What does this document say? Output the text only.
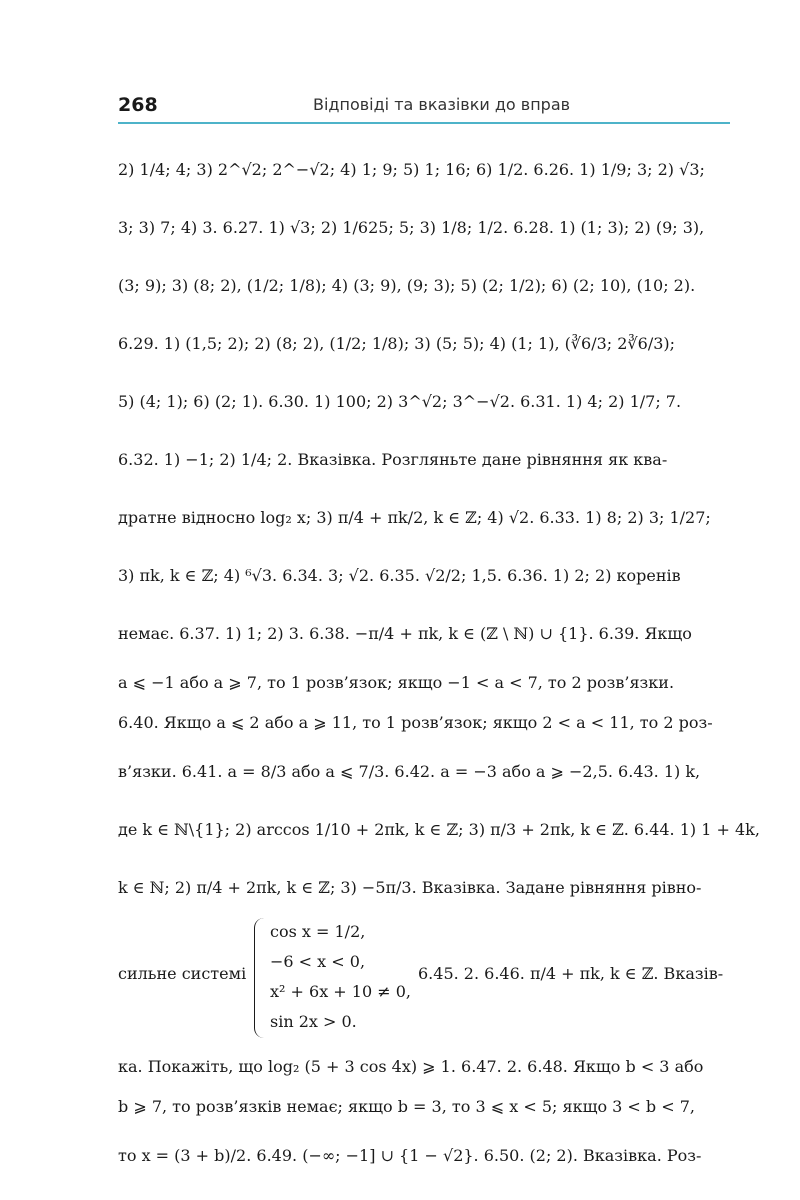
268	Відповіді та вказівки до вправ
2) 1/4; 4; 3) 2^√2; 2^−√2; 4) 1; 9; 5) 1; 16; 6) 1/2. 6.26. 1) 1/9; 3; 2) √3;
3; 3) 7; 4) 3. 6.27. 1) √3; 2) 1/625; 5; 3) 1/8; 1/2. 6.28. 1) (1; 3); 2) (9; 3),
(3; 9); 3) (8; 2), (1/2; 1/8); 4) (3; 9), (9; 3); 5) (2; 1/2); 6) (2; 10), (10; 2).
6.29. 1) (1,5; 2); 2) (8; 2), (1/2; 1/8); 3) (5; 5); 4) (1; 1), (∛6/3; 2∛6/3);
5) (4; 1); 6) (2; 1). 6.30. 1) 100; 2) 3^√2; 3^−√2. 6.31. 1) 4; 2) 1/7; 7.
6.32. 1) −1; 2) 1/4; 2. Вказівка. Розгляньте дане рівняння як ква-
дратне відносно log₂ x; 3) π/4 + πk/2, k ∈ ℤ; 4) √2. 6.33. 1) 8; 2) 3; 1/27;
3) πk, k ∈ ℤ; 4) ⁶√3. 6.34. 3; √2. 6.35. √2/2; 1,5. 6.36. 1) 2; 2) коренів
немає. 6.37. 1) 1; 2) 3. 6.38. −π/4 + πk, k ∈ (ℤ \ ℕ) ∪ {1}. 6.39. Якщо
a ⩽ −1 або a ⩾ 7, то 1 розв’язок; якщо −1 < a < 7, то 2 розв’язки.
6.40. Якщо a ⩽ 2 або a ⩾ 11, то 1 розв’язок; якщо 2 < a < 11, то 2 роз-
в’язки. 6.41. a = 8/3 або a ⩽ 7/3. 6.42. a = −3 або a ⩾ −2,5. 6.43. 1) k,
де k ∈ ℕ\{1}; 2) arccos 1/10 + 2πk, k ∈ ℤ; 3) π/3 + 2πk, k ∈ ℤ. 6.44. 1) 1 + 4k,
k ∈ ℕ; 2) π/4 + 2πk, k ∈ ℤ; 3) −5π/3. Вказівка. Задане рівняння рівно-
сильне системі
cos x = 1/2,
−6 < x < 0,
x² + 6x + 10 ≠ 0,
sin 2x > 0.
6.45. 2. 6.46. π/4 + πk, k ∈ ℤ. Вказів-
ка. Покажіть, що log₂ (5 + 3 cos 4x) ⩾ 1. 6.47. 2. 6.48. Якщо b < 3 або
b ⩾ 7, то розв’язків немає; якщо b = 3, то 3 ⩽ x < 5; якщо 3 < b < 7,
то x = (3 + b)/2. 6.49. (−∞; −1] ∪ {1 − √2}. 6.50. (2; 2). Вказівка. Роз-
